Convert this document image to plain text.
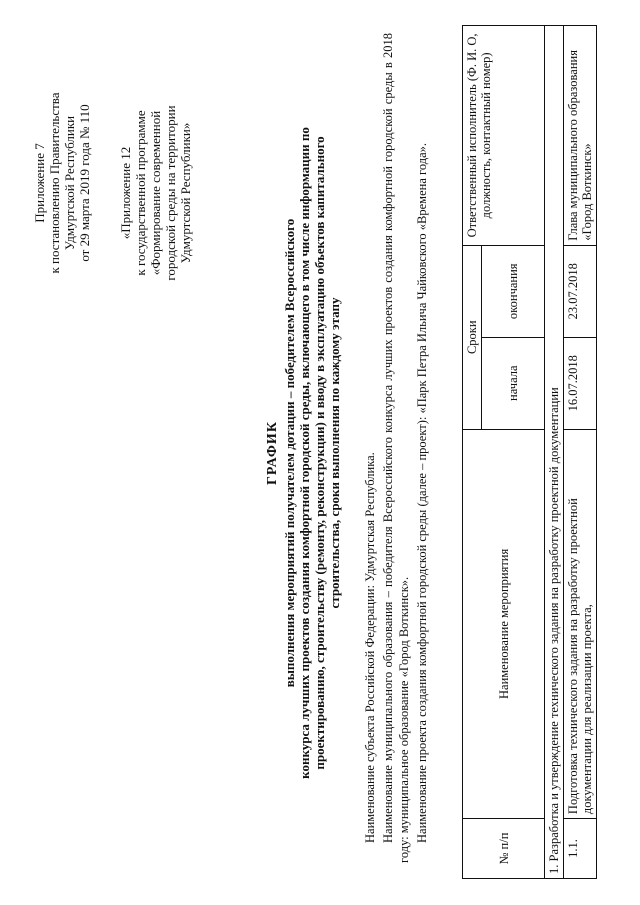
Приложение 7 к постановлению Правительства Удмуртской Республики от 29 марта 2019 года № 110 «Приложение 12 к государственной программе «Формирование современной городской среды на территории Удмуртской Республики»
ГРАФИК выполнения мероприятий получателем дотации – победителем Всероссийского конкурса лучших проектов создания комфортной городской среды, включающего в том числе информации по проектированию, строительству (ремонту, реконструкции) и вводу в эксплуатацию объектов капитального строительства, сроки выполнения по каждому этапу Наименование субъекта Российской Федерации: Удмуртская Республика. Наименование муниципального образования – победителя Всероссийского конкурса лучших проектов создания комфортной городской среды в 2018 году: муниципальное образование «Город Воткинск». Наименование проекта создания комфортной городской среды (далее – проект): «Парк Петра Ильича Чайковского «Времена года».
№ п/п	Наименование мероприятия	Сроки		Ответственный исполнитель (Ф. И. О, должность, контактный номер)
		начала	окончания	
1. Разработка и утверждение технического задания на разработку проектной документации				
1.1.	Подготовка технического задания на разработку проектной документации для реализации проекта,	16.07.2018	23.07.2018	Глава муниципального образования «Город Воткинск»
